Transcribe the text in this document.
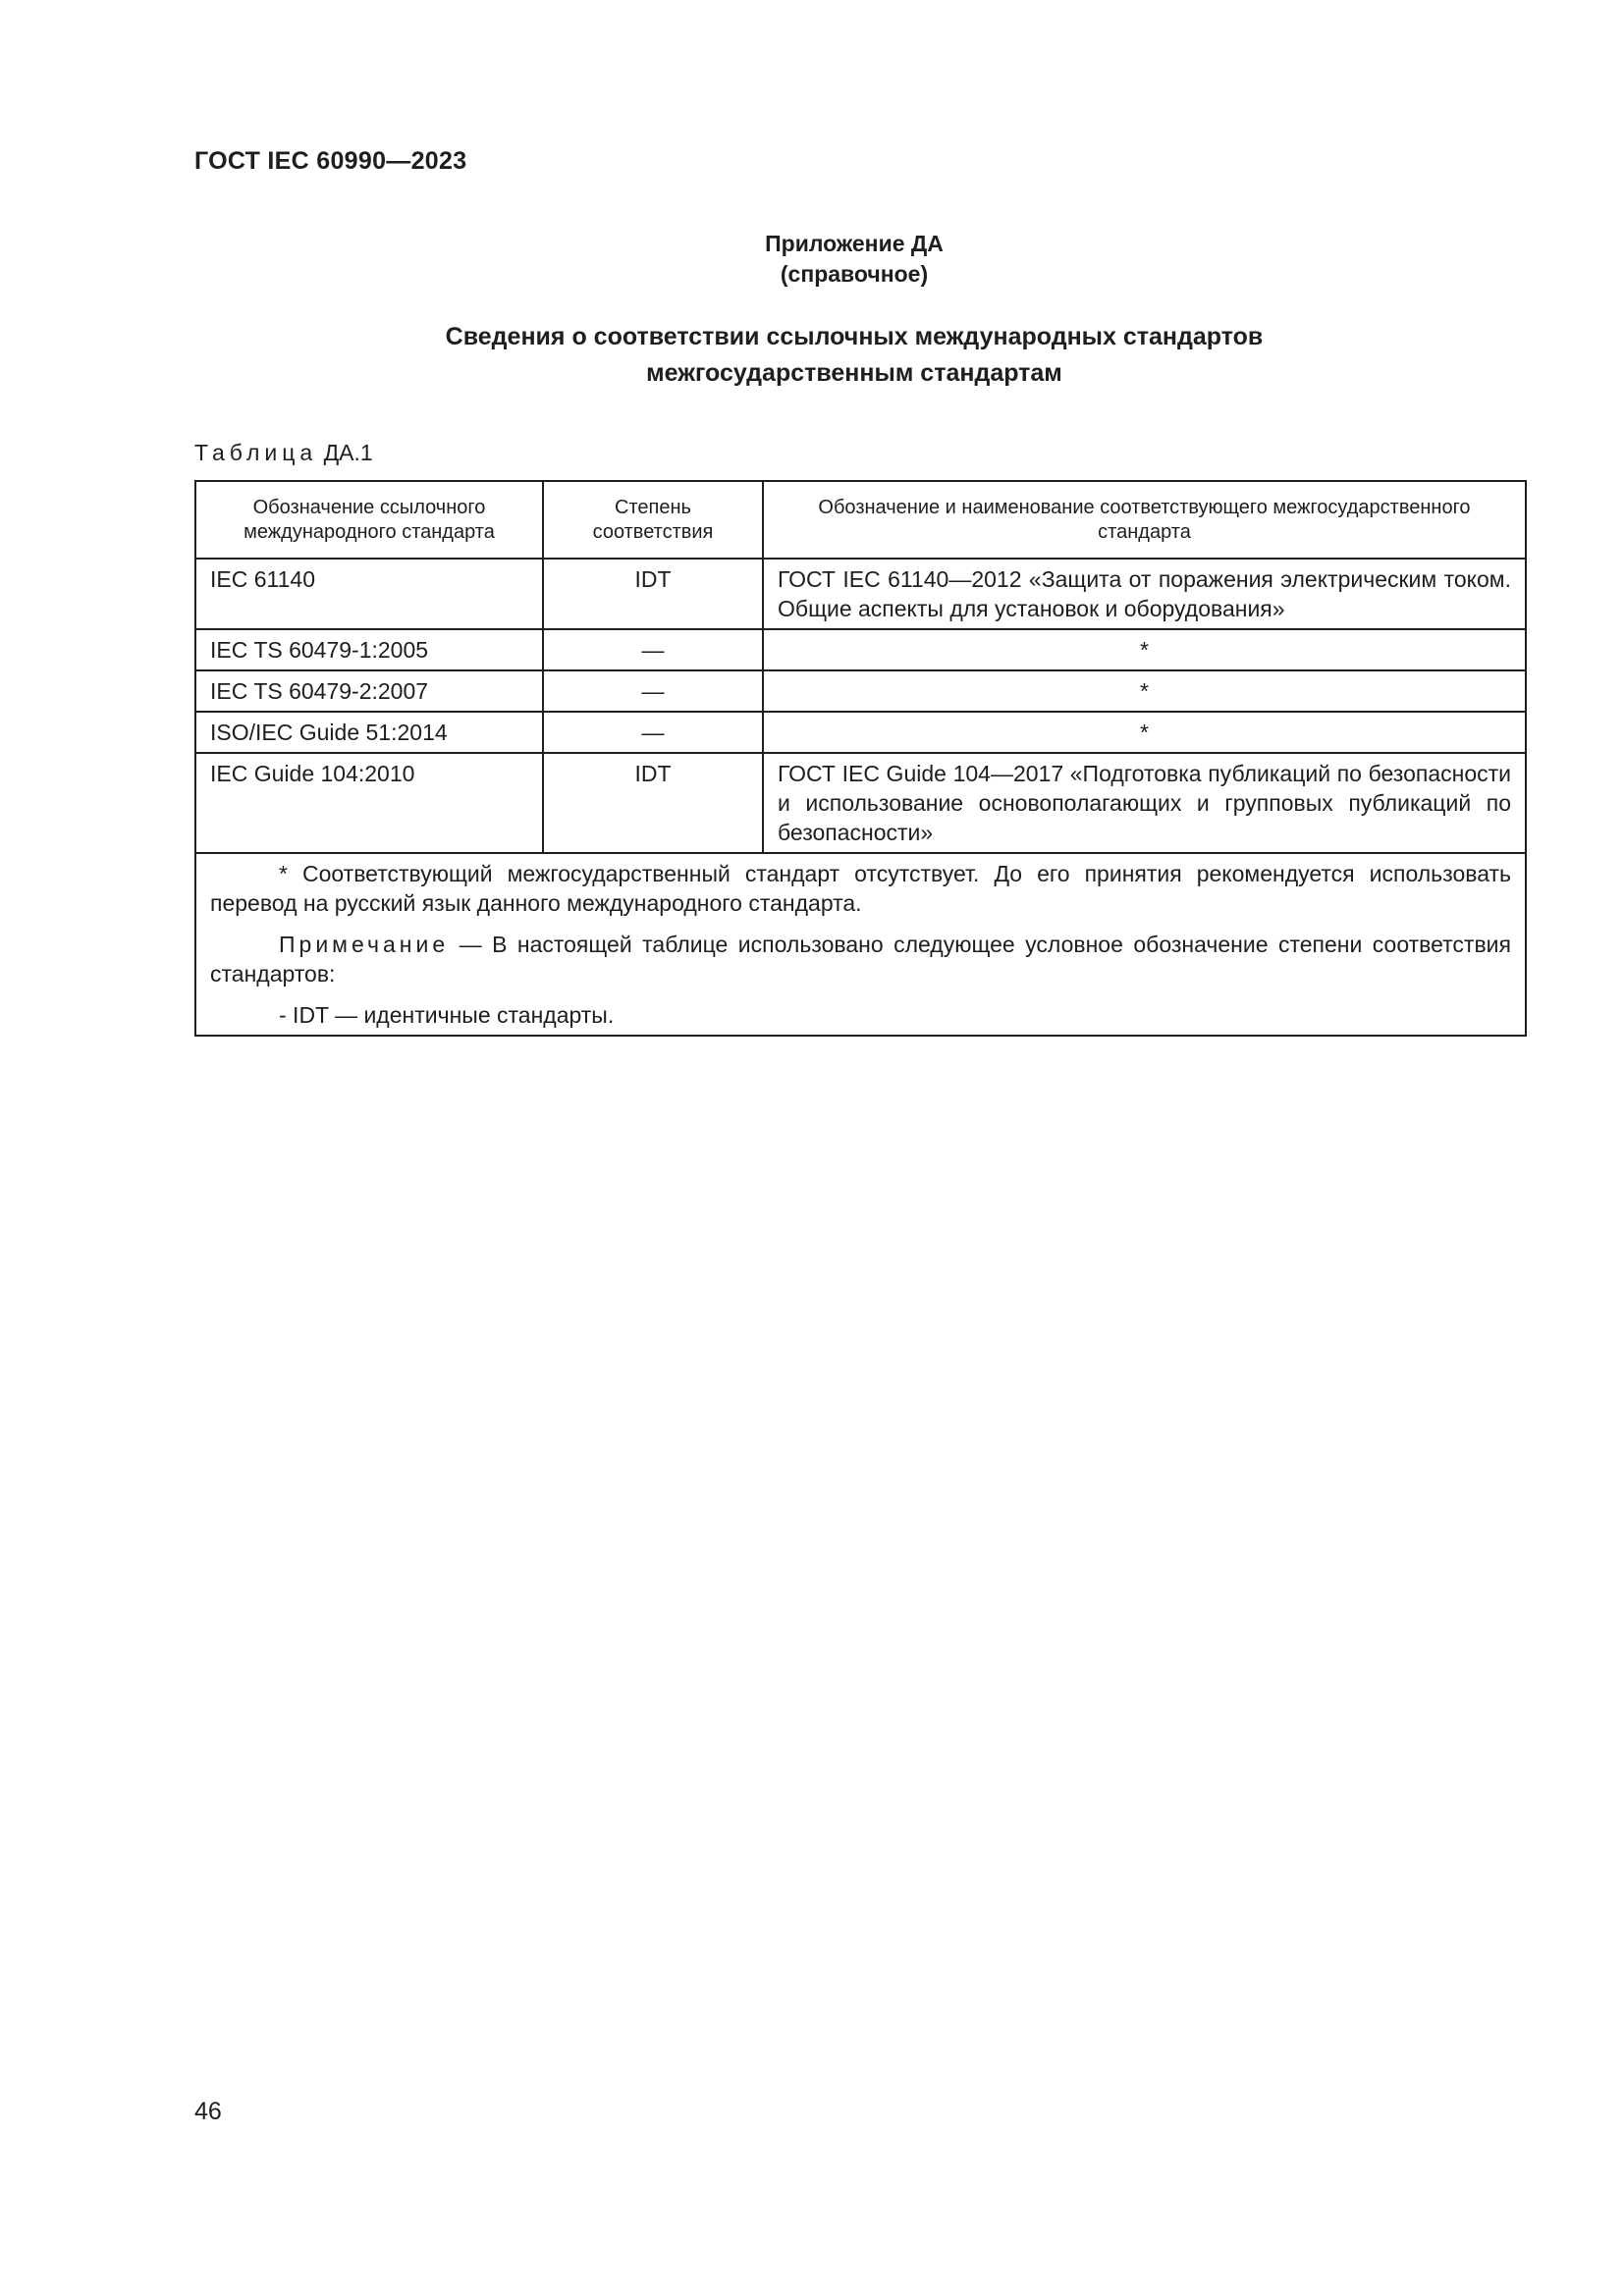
ГОСТ IEC 60990—2023
Приложение ДА
(справочное)
Сведения о соответствии ссылочных международных стандартов
межгосударственным стандартам
Таблица ДА.1
Обозначение ссылочного международного стандарта	Степень соответствия	Обозначение и наименование соответствующего межгосударственного стандарта
IEC 61140	IDT	ГОСТ IEC 61140—2012 «Защита от поражения электрическим током. Общие аспекты для установок и оборудования»
IEC TS 60479-1:2005	—	*
IEC TS 60479-2:2007	—	*
ISO/IEC Guide 51:2014	—	*
IEC Guide 104:2010	IDT	ГОСТ IEC Guide 104—2017 «Подготовка публикаций по безопасности и использование основополагающих и групповых публикаций по безопасности»

* Соответствующий межгосударственный стандарт отсутствует. До его принятия рекомендуется использовать перевод на русский язык данного международного стандарта.

Примечание — В настоящей таблице использовано следующее условное обозначение степени соответствия стандартов:

- IDT — идентичные стандарты.		

46
